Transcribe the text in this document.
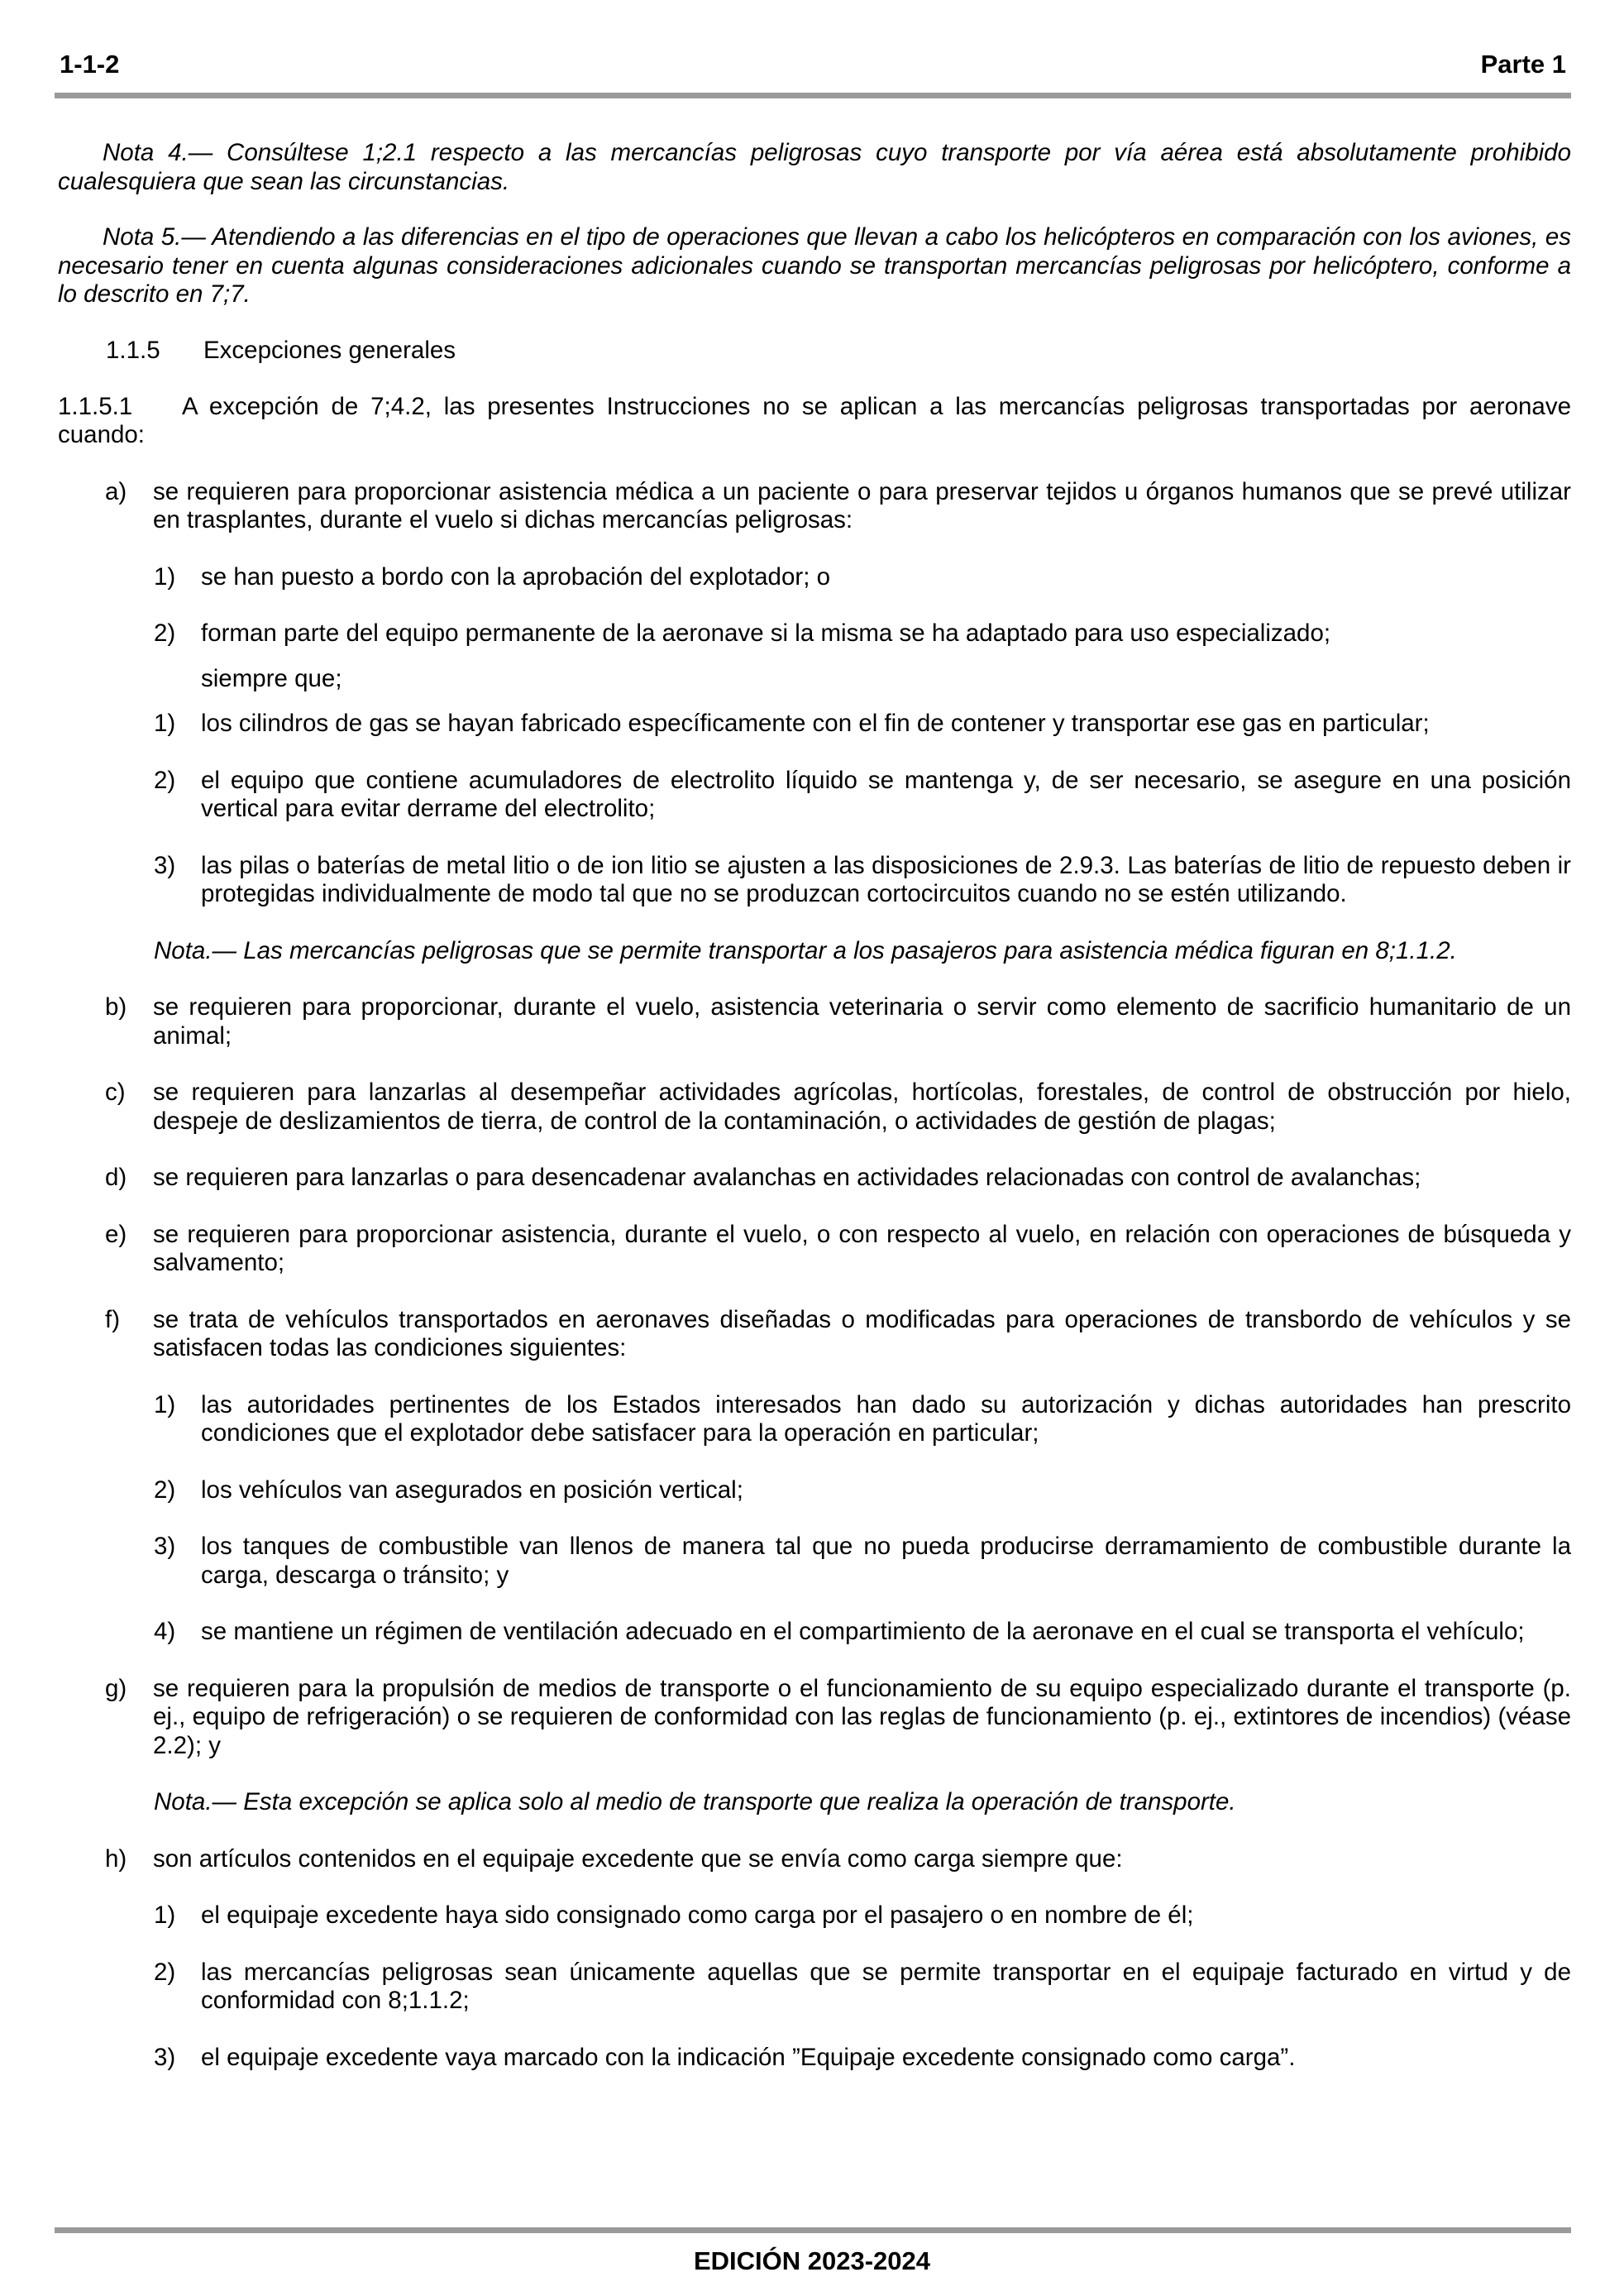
1-1-2	Parte 1

Nota 4.— Consúltese 1;2.1 respecto a las mercancías peligrosas cuyo transporte por vía aérea está absolutamente prohibido cualesquiera que sean las circunstancias.

Nota 5.— Atendiendo a las diferencias en el tipo de operaciones que llevan a cabo los helicópteros en comparación con los aviones, es necesario tener en cuenta algunas consideraciones adicionales cuando se transportan mercancías peligrosas por helicóptero, conforme a lo descrito en 7;7.

1.1.5 Excepciones generales
1.1.5.1	A excepción de 7;4.2, las presentes Instrucciones no se aplican a las mercancías peligrosas transportadas por aeronave cuando:

a) se requieren para proporcionar asistencia médica a un paciente o para preservar tejidos u órganos humanos que se prevé utilizar en trasplantes, durante el vuelo si dichas mercancías peligrosas:

1) se han puesto a bordo con la aprobación del explotador; o

2) forman parte del equipo permanente de la aeronave si la misma se ha adaptado para uso especializado;

siempre que;

1) los cilindros de gas se hayan fabricado específicamente con el fin de contener y transportar ese gas en particular;

2) el equipo que contiene acumuladores de electrolito líquido se mantenga y, de ser necesario, se asegure en una posición vertical para evitar derrame del electrolito;

3) las pilas o baterías de metal litio o de ion litio se ajusten a las disposiciones de 2.9.3. Las baterías de litio de repuesto deben ir protegidas individualmente de modo tal que no se produzcan cortocircuitos cuando no se estén utilizando.

Nota.— Las mercancías peligrosas que se permite transportar a los pasajeros para asistencia médica figuran en 8;1.1.2.

b) se requieren para proporcionar, durante el vuelo, asistencia veterinaria o servir como elemento de sacrificio humanitario de un animal;

c) se requieren para lanzarlas al desempeñar actividades agrícolas, hortícolas, forestales, de control de obstrucción por hielo, despeje de deslizamientos de tierra, de control de la contaminación, o actividades de gestión de plagas;

d) se requieren para lanzarlas o para desencadenar avalanchas en actividades relacionadas con control de avalanchas;

e) se requieren para proporcionar asistencia, durante el vuelo, o con respecto al vuelo, en relación con operaciones de búsqueda y salvamento;

f) se trata de vehículos transportados en aeronaves diseñadas o modificadas para operaciones de transbordo de vehículos y se satisfacen todas las condiciones siguientes:

1) las autoridades pertinentes de los Estados interesados han dado su autorización y dichas autoridades han prescrito condiciones que el explotador debe satisfacer para la operación en particular;

2) los vehículos van asegurados en posición vertical;

3) los tanques de combustible van llenos de manera tal que no pueda producirse derramamiento de combustible durante la carga, descarga o tránsito; y

4) se mantiene un régimen de ventilación adecuado en el compartimiento de la aeronave en el cual se transporta el vehículo;

g) se requieren para la propulsión de medios de transporte o el funcionamiento de su equipo especializado durante el transporte (p. ej., equipo de refrigeración) o se requieren de conformidad con las reglas de funcionamiento (p. ej., extintores de incendios) (véase 2.2); y

Nota.— Esta excepción se aplica solo al medio de transporte que realiza la operación de transporte.

h) son artículos contenidos en el equipaje excedente que se envía como carga siempre que:

1) el equipaje excedente haya sido consignado como carga por el pasajero o en nombre de él;

2) las mercancías peligrosas sean únicamente aquellas que se permite transportar en el equipaje facturado en virtud y de conformidad con 8;1.1.2;

3) el equipaje excedente vaya marcado con la indicación ”Equipaje excedente consignado como carga”.

EDICIÓN 2023-2024
